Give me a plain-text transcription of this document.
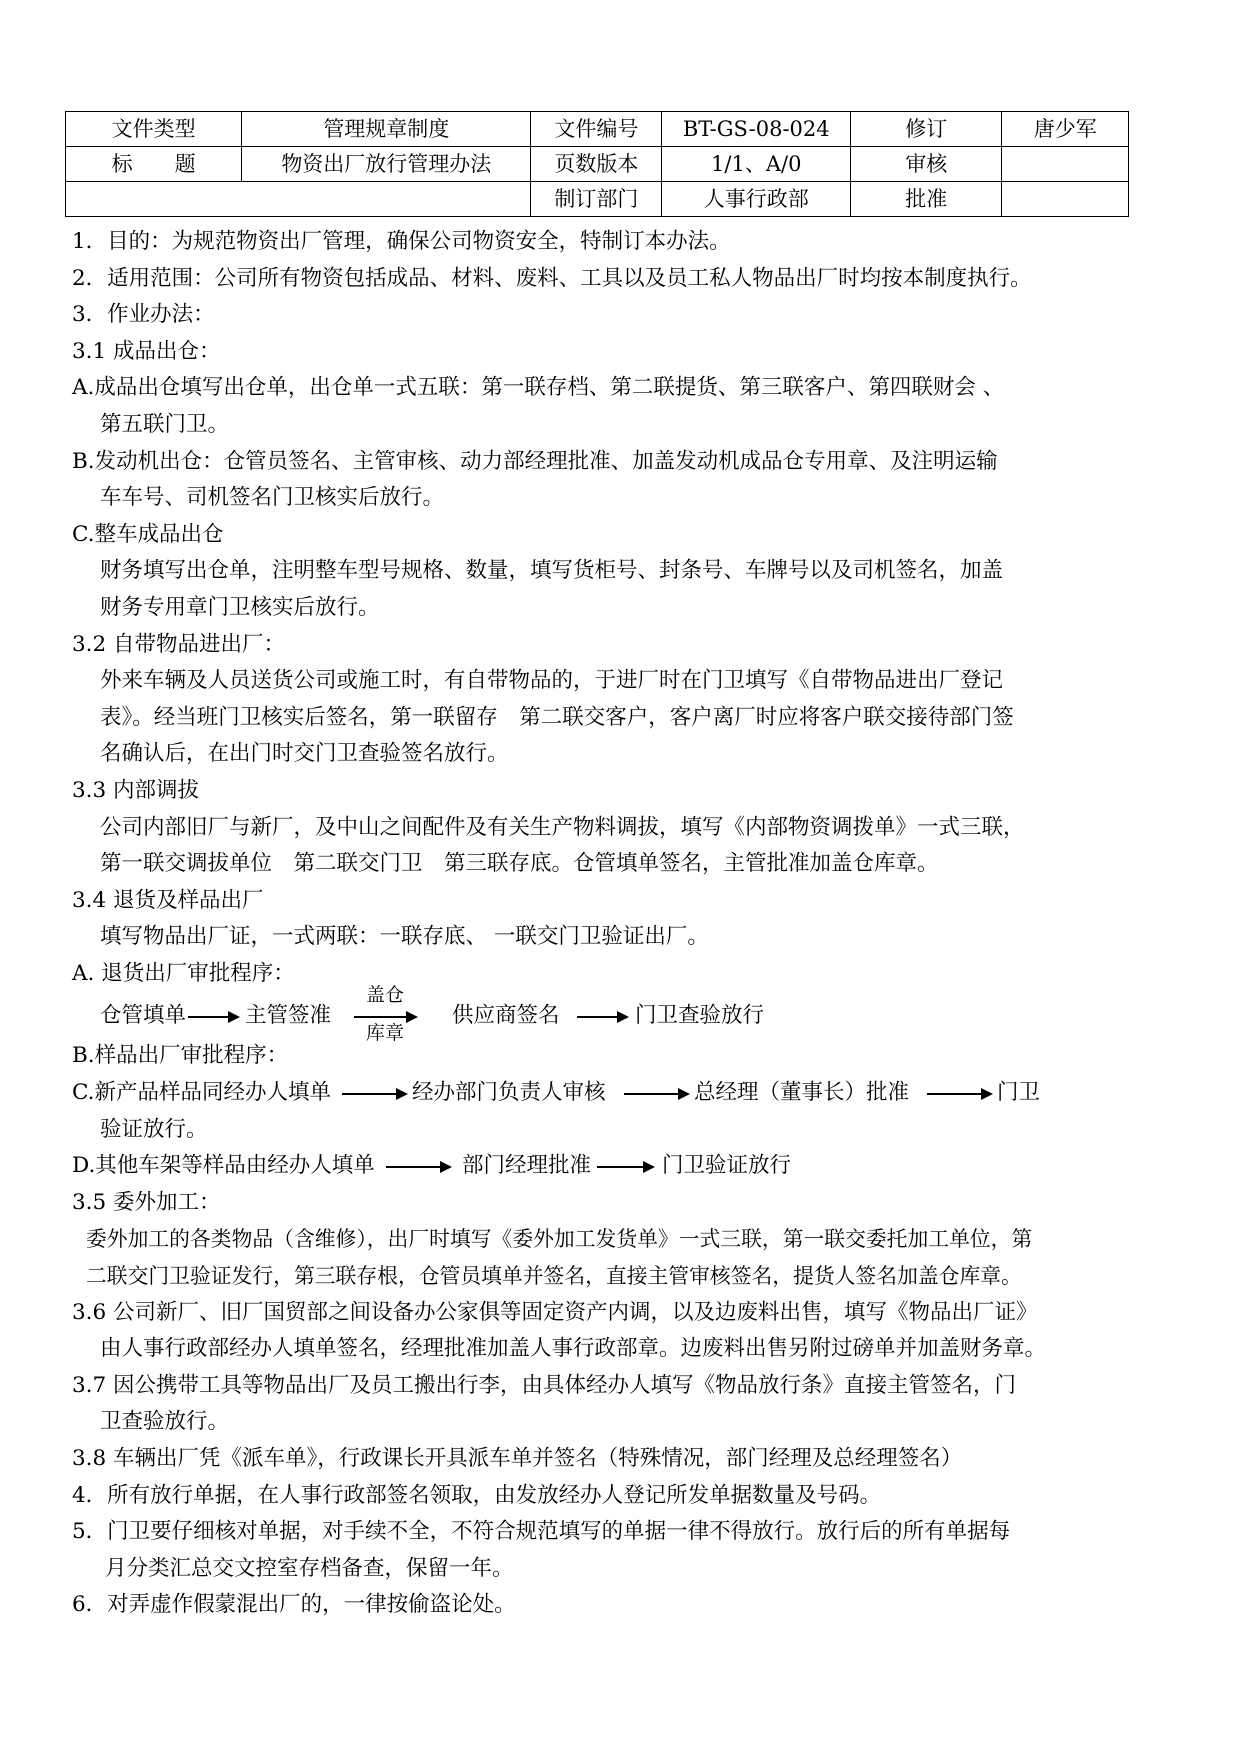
文件类型	管理规章制度	文件编号	BT-GS-08-024	修订	唐少军
标　　题	物资出厂放行管理办法	页数版本	1/1、A/0	审核	
		制订部门	人事行政部	批准	
1．目的：为规范物资出厂管理，确保公司物资安全，特制订本办法。
2．适用范围：公司所有物资包括成品、材料、废料、工具以及员工私人物品出厂时均按本制度执行。
3．作业办法：
3.1 成品出仓：
A.成品出仓填写出仓单，出仓单一式五联：第一联存档、第二联提货、第三联客户、第四联财会 、
第五联门卫。
B.发动机出仓：仓管员签名、主管审核、动力部经理批准、加盖发动机成品仓专用章、及注明运输
车车号、司机签名门卫核实后放行。
C.整车成品出仓
财务填写出仓单，注明整车型号规格、数量，填写货柜号、封条号、车牌号以及司机签名，加盖
财务专用章门卫核实后放行。
3.2 自带物品进出厂：
外来车辆及人员送货公司或施工时，有自带物品的，于进厂时在门卫填写《自带物品进出厂登记
表》。经当班门卫核实后签名，第一联留存　第二联交客户，客户离厂时应将客户联交接待部门签
名确认后，在出门时交门卫查验签名放行。
3.3 内部调拔
公司内部旧厂与新厂，及中山之间配件及有关生产物料调拔，填写《内部物资调拨单》一式三联，
第一联交调拔单位　第二联交门卫　第三联存底。仓管填单签名，主管批准加盖仓库章。
3.4 退货及样品出厂
填写物品出厂证，一式两联：一联存底、 一联交门卫验证出厂。
A. 退货出厂审批程序：
仓管填单	主管签准
盖仓
库章
供应商签名	门卫查验放行
B.样品出厂审批程序：
C.新产品样品同经办人填单	经办部门负责人审核	总经理（董事长）批准	门卫
验证放行。
D.其他车架等样品由经办人填单	部门经理批准	门卫验证放行
3.5 委外加工：
委外加工的各类物品（含维修），出厂时填写《委外加工发货单》一式三联，第一联交委托加工单位，第
二联交门卫验证发行，第三联存根，仓管员填单并签名，直接主管审核签名，提货人签名加盖仓库章。
3.6 公司新厂、旧厂国贸部之间设备办公家俱等固定资产内调，以及边废料出售，填写《物品出厂证》
由人事行政部经办人填单签名，经理批准加盖人事行政部章。边废料出售另附过磅单并加盖财务章。
3.7 因公携带工具等物品出厂及员工搬出行李，由具体经办人填写《物品放行条》直接主管签名，门
卫查验放行。
3.8 车辆出厂凭《派车单》，行政课长开具派车单并签名（特殊情况，部门经理及总经理签名）
4．所有放行单据，在人事行政部签名领取，由发放经办人登记所发单据数量及号码。
5．门卫要仔细核对单据，对手续不全，不符合规范填写的单据一律不得放行。放行后的所有单据每
月分类汇总交文控室存档备查，保留一年。
6．对弄虚作假蒙混出厂的，一律按偷盗论处。
